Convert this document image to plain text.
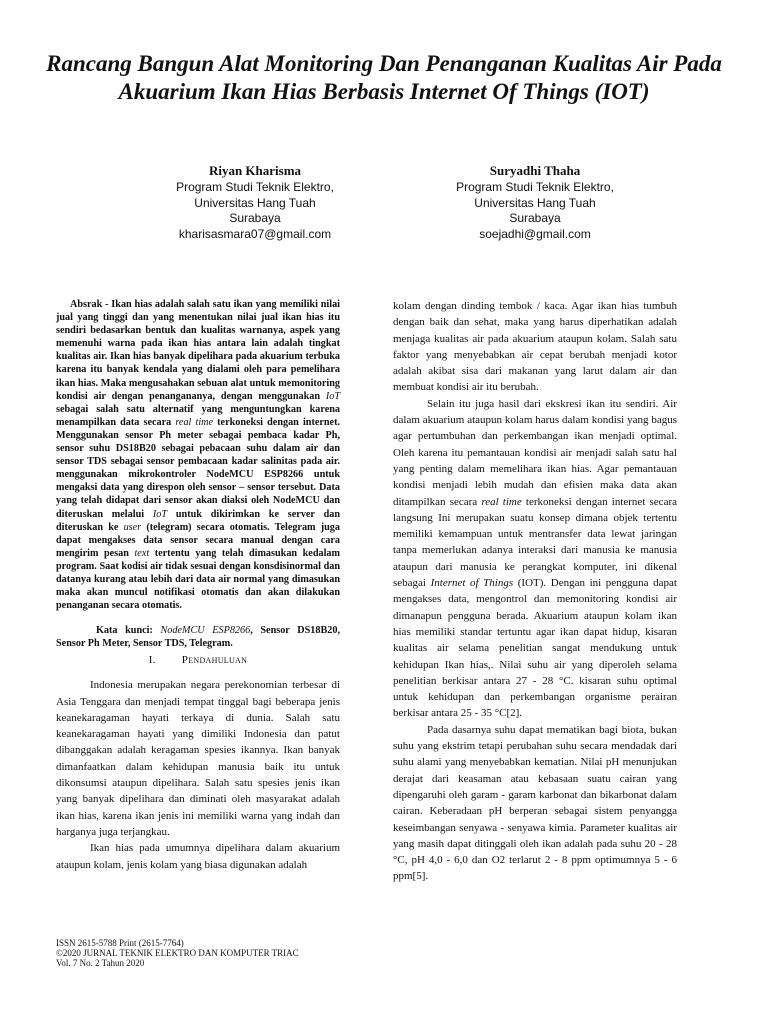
Rancang Bangun Alat Monitoring Dan Penanganan Kualitas Air Pada Akuarium Ikan Hias Berbasis Internet Of Things (IOT)
Riyan Kharisma
Program Studi Teknik Elektro,
Universitas Hang Tuah
Surabaya
kharisasmara07@gmail.com
Suryadhi Thaha
Program Studi Teknik Elektro,
Universitas Hang Tuah
Surabaya
soejadhi@gmail.com

Absrak - Ikan hias adalah salah satu ikan yang memiliki nilai jual yang tinggi dan yang menentukan nilai jual ikan hias itu sendiri bedasarkan bentuk dan kualitas warnanya, aspek yang memenuhi warna pada ikan hias antara lain adalah tingkat kualitas air. Ikan hias banyak dipelihara pada akuarium terbuka karena itu banyak kendala yang dialami oleh para pemelihara ikan hias. Maka mengusahakan sebuan alat untuk memonitoring kondisi air dengan penangananya, dengan menggunakan IoT sebagai salah satu alternatif yang menguntungkan karena menampilkan data secara real time terkoneksi dengan internet. Menggunakan sensor Ph meter sebagai pembaca kadar Ph, sensor suhu DS18B20 sebagai pebacaan suhu dalam air dan sensor TDS sebagai sensor pembacaan kadar salinitas pada air. menggunakan mikrokontroler NodeMCU ESP8266 untuk mengaksi data yang direspon oleh sensor – sensor tersebut. Data yang telah didapat dari sensor akan diaksi oleh NodeMCU dan diteruskan melalui IoT untuk dikirimkan ke server dan diteruskan ke user (telegram) secara otomatis. Telegram juga dapat mengakses data sensor secara manual dengan cara mengirim pesan text tertentu yang telah dimasukan kedalam program. Saat kodisi air tidak sesuai dengan konsdisinormal dan datanya kurang atau lebih dari data air normal yang dimasukan maka akan muncul notifikasi otomatis dan akan dilakukan penanganan secara otomatis.

Kata kunci: NodeMCU ESP8266, Sensor DS18B20, Sensor Ph Meter, Sensor TDS, Telegram.

I. Pendahuluan

Indonesia merupakan negara perekonomian terbesar di Asia Tenggara dan menjadi tempat tinggal bagi beberapa jenis keanekaragaman hayati terkaya di dunia. Salah satu keanekaragaman hayati yang dimiliki Indonesia dan patut dibanggakan adalah keragaman spesies ikannya. Ikan banyak dimanfaatkan dalam kehidupan manusia baik itu untuk dikonsumsi ataupun dipelihara. Salah satu spesies jenis ikan yang banyak dipelihara dan diminati oleh masyarakat adalah ikan hias, karena ikan jenis ini memiliki warna yang indah dan harganya juga terjangkau.

Ikan hias pada umumnya dipelihara dalam akuarium ataupun kolam, jenis kolam yang biasa digunakan adalah

kolam dengan dinding tembok / kaca. Agar ikan hias tumbuh dengan baik dan sehat, maka yang harus diperhatikan adalah menjaga kualitas air pada akuarium ataupun kolam. Salah satu faktor yang menyebabkan air cepat berubah menjadi kotor adalah akibat sisa dari makanan yang larut dalam air dan membuat kondisi air itu berubah.

Selain itu juga hasil dari ekskresi ikan itu sendiri. Air dalam akuarium ataupun kolam harus dalam kondisi yang bagus agar pertumbuhan dan perkembangan ikan menjadi optimal. Oleh karena itu pemantauan kondisi air menjadi salah satu hal yang penting dalam memelihara ikan hias. Agar pemantauan kondisi menjadi lebih mudah dan efisien maka data akan ditampilkan secara real time terkoneksi dengan internet secara langsung Ini merupakan suatu konsep dimana objek tertentu memiliki kemampuan untuk mentransfer data lewat jaringan tanpa memerlukan adanya interaksi dari manusia ke manusia ataupun dari manusia ke perangkat komputer, ini dikenal sebagai Internet of Things (IOT). Dengan ini pengguna dapat mengakses data, mengontrol dan memonitoring kondisi air dimanapun pengguna berada. Akuarium ataupun kolam ikan hias memiliki standar tertuntu agar ikan dapat hidup, kisaran kualitas air selama penelitian sangat mendukung untuk kehidupan Ikan hias,. Nilai suhu air yang diperoleh selama penelitian berkisar antara 27 - 28 °C. kisaran suhu optimal untuk kehidupan dan perkembangan organisme perairan berkisar antara 25 - 35 °C[2].

Pada dasarnya suhu dapat mematikan bagi biota, bukan suhu yang ekstrim tetapi perubahan suhu secara mendadak dari suhu alami yang menyebabkan kematian. Nilai pH menunjukan derajat dari keasaman atau kebasaan suatu cairan yang dipengaruhi oleh garam - garam karbonat dan bikarbonat dalam cairan. Keberadaan pH berperan sebagai sistem penyangga keseimbangan senyawa - senyawa kimia. Parameter kualitas air yang masih dapat ditinggali oleh ikan adalah pada suhu 20 - 28 °C, pH 4,0 - 6,0 dan O2 terlarut 2 - 8 ppm optimumnya 5 - 6 ppm[5].

ISSN 2615-5788 Print (2615-7764)
©2020 JURNAL TEKNIK ELEKTRO DAN KOMPUTER TRIAC
Vol. 7 No. 2 Tahun 2020
